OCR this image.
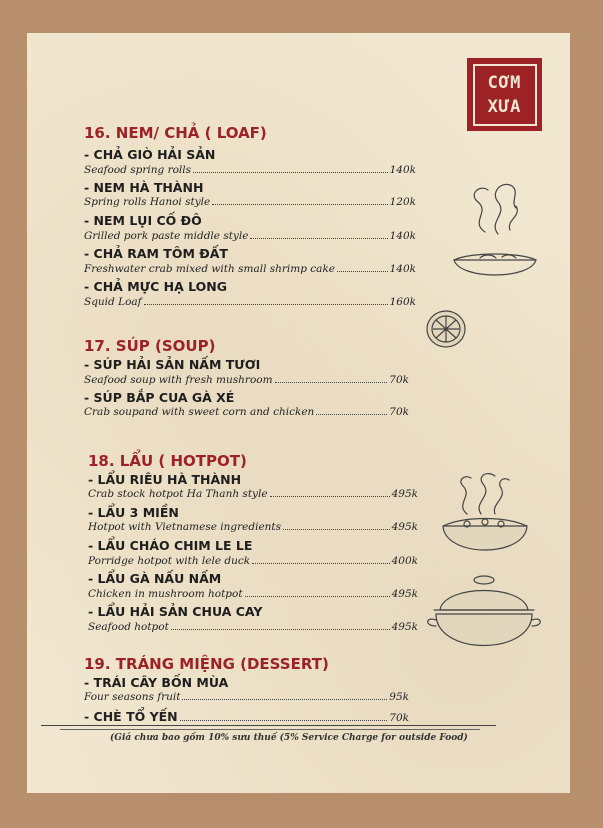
CƠM
XƯA
16. NEM/ CHẢ ( LOAF)
- CHẢ GIÒ HẢI SẢN
Seafood spring rolls	140k
- NEM HÀ THÀNH
Spring rolls Hanoi style	120k
- NEM LỤI CỐ ĐÔ
Grilled pork paste middle style	140k
- CHẢ RAM TÔM ĐẤT
Freshwater crab mixed with small shrimp cake	140k
- CHẢ MỰC HẠ LONG
Squid Loaf	160k
17. SÚP (SOUP)
- SÚP HẢI SẢN NẤM TƯƠI
Seafood soup with fresh mushroom	70k
- SÚP BẮP CUA GÀ XÉ
Crab soupand with sweet corn and chicken	70k
18. LẨU ( HOTPOT)
- LẨU RIÊU HÀ THÀNH
Crab stock hotpot Ha Thanh style	495k
- LẨU 3 MIỀN
Hotpot with Vietnamese ingredients	495k
- LẨU CHÁO CHIM LE LE
Porridge hotpot with lele duck	400k
- LẨU GÀ NẤU NẤM
Chicken in mushroom hotpot	495k
- LẨU HẢI SẢN CHUA CAY
Seafood hotpot	495k
19. TRÁNG MIỆNG (DESSERT)
- TRÁI CÂY BỐN MÙA
Four seasons fruit	95k
- CHÈ TỔ YẾN	70k
(Giá chưa bao gồm 10% sưu thuế (5% Service Charge for outside Food)
